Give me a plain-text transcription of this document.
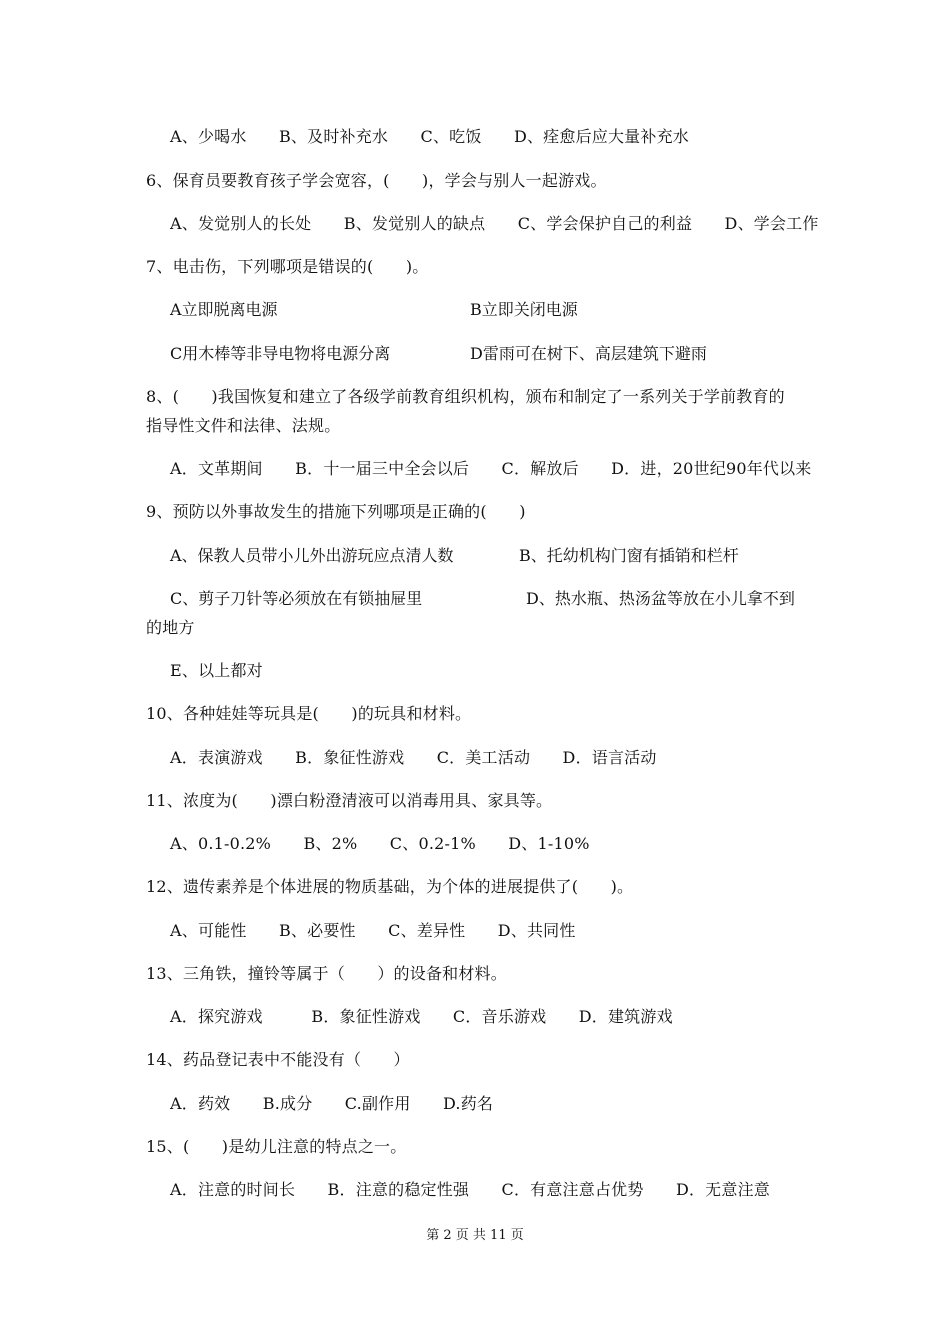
A、少喝水　　B、及时补充水　　C、吃饭　　D、痊愈后应大量补充水
6、保育员要教育孩子学会宽容，(　　)，学会与别人一起游戏。
A、发觉别人的长处　　B、发觉别人的缺点　　C、学会保护自己的利益　　D、学会工作
7、电击伤，下列哪项是错误的(　　)。
A立即脱离电源	B立即关闭电源
C用木棒等非导电物将电源分离	D雷雨可在树下、高层建筑下避雨
8、(　　)我国恢复和建立了各级学前教育组织机构，颁布和制定了一系列关于学前教育的
指导性文件和法律、法规。
A．文革期间　　B．十一届三中全会以后　　C．解放后　　D．进，20世纪90年代以来
9、预防以外事故发生的措施下列哪项是正确的(　　)
A、保教人员带小儿外出游玩应点清人数	B、托幼机构门窗有插销和栏杆
C、剪子刀针等必须放在有锁抽屉里	D、热水瓶、热汤盆等放在小儿拿不到
的地方
E、以上都对
10、各种娃娃等玩具是(　　)的玩具和材料。
A．表演游戏　　B．象征性游戏　　C．美工活动　　D．语言活动
11、浓度为(　　)漂白粉澄清液可以消毒用具、家具等。
A、0.1-0.2%　　B、2%　　C、0.2-1%　　D、1-10%
12、遗传素养是个体进展的物质基础，为个体的进展提供了(　　)。
A、可能性　　B、必要性　　C、差异性　　D、共同性
13、三角铁，撞铃等属于（　　）的设备和材料。
A．探究游戏　　　B．象征性游戏　　C．音乐游戏　　D．建筑游戏
14、药品登记表中不能没有（　　）
A．药效　　B.成分　　C.副作用　　D.药名
15、(　　)是幼儿注意的特点之一。
A．注意的时间长　　B．注意的稳定性强　　C．有意注意占优势　　D．无意注意
第 2 页 共 11 页
